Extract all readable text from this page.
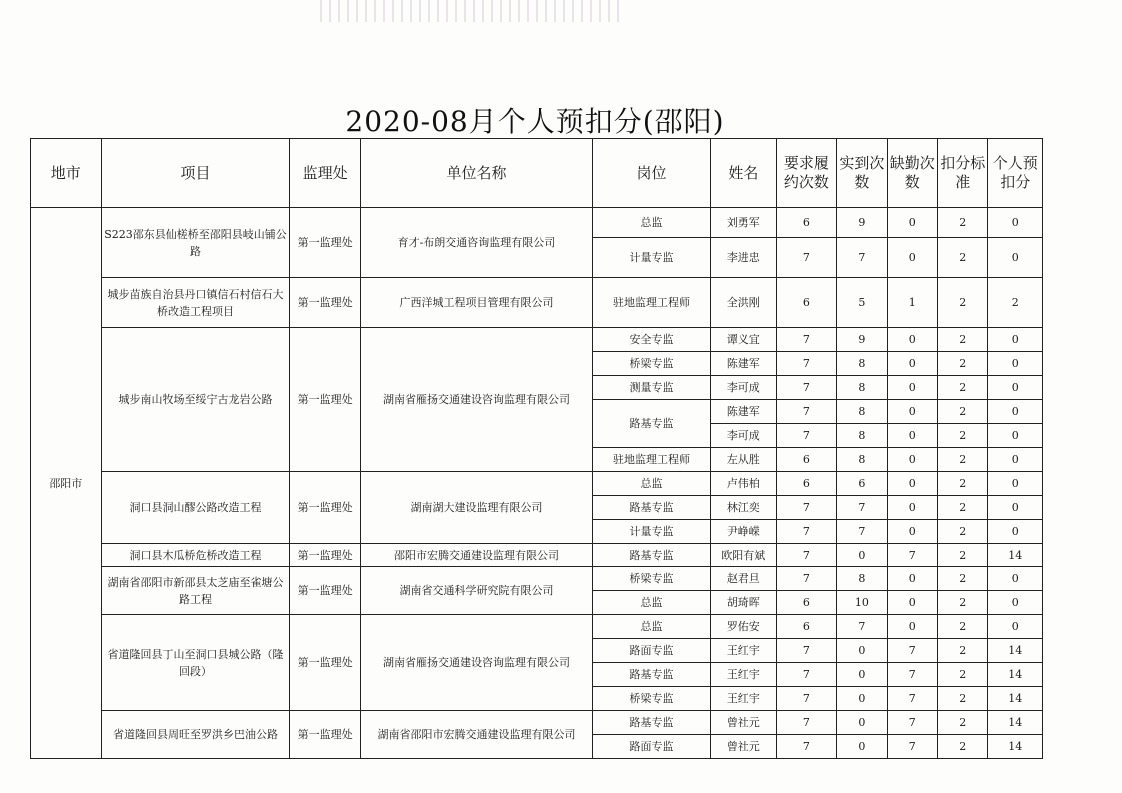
2020-08月个人预扣分(邵阳)
地市	项目	监理处	单位名称	岗位	姓名	要求履约次数	实到次数	缺勤次数	扣分标准	个人预扣分
邵阳市	S223邵东县仙槎桥至邵阳县岐山铺公路	第一监理处	育才-布朗交通咨询监理有限公司	总监	刘勇军	6	9	0	2	0
				计量专监	李进忠	7	7	0	2	0
	城步苗族自治县丹口镇信石村信石大桥改造工程项目	第一监理处	广西洋城工程项目管理有限公司	驻地监理工程师	全洪刚	6	5	1	2	2
	城步南山牧场至绥宁古龙岩公路	第一监理处	湖南省雁扬交通建设咨询监理有限公司	安全专监	谭义宜	7	9	0	2	0
				桥梁专监	陈建军	7	8	0	2	0
				测量专监	李可成	7	8	0	2	0
				路基专监	陈建军	7	8	0	2	0
					李可成	7	8	0	2	0
				驻地监理工程师	左从胜	6	8	0	2	0
	洞口县洞山醪公路改造工程	第一监理处	湖南湖大建设监理有限公司	总监	卢伟柏	6	6	0	2	0
				路基专监	林江奕	7	7	0	2	0
				计量专监	尹峥嵘	7	7	0	2	0
	洞口县木瓜桥危桥改造工程	第一监理处	邵阳市宏腾交通建设监理有限公司	路基专监	欧阳有斌	7	0	7	2	14
	湖南省邵阳市新邵县太芝庙至雀塘公路工程	第一监理处	湖南省交通科学研究院有限公司	桥梁专监	赵君旦	7	8	0	2	0
				总监	胡琦晖	6	10	0	2	0
	省道隆回县丁山至洞口县城公路（隆回段）	第一监理处	湖南省雁扬交通建设咨询监理有限公司	总监	罗佑安	6	7	0	2	0
				路面专监	王红宇	7	0	7	2	14
				路基专监	王红宇	7	0	7	2	14
				桥梁专监	王红宇	7	0	7	2	14
	省道隆回县周旺至罗洪乡巴油公路	第一监理处	湖南省邵阳市宏腾交通建设监理有限公司	路基专监	曾社元	7	0	7	2	14
				路面专监	曾社元	7	0	7	2	14
